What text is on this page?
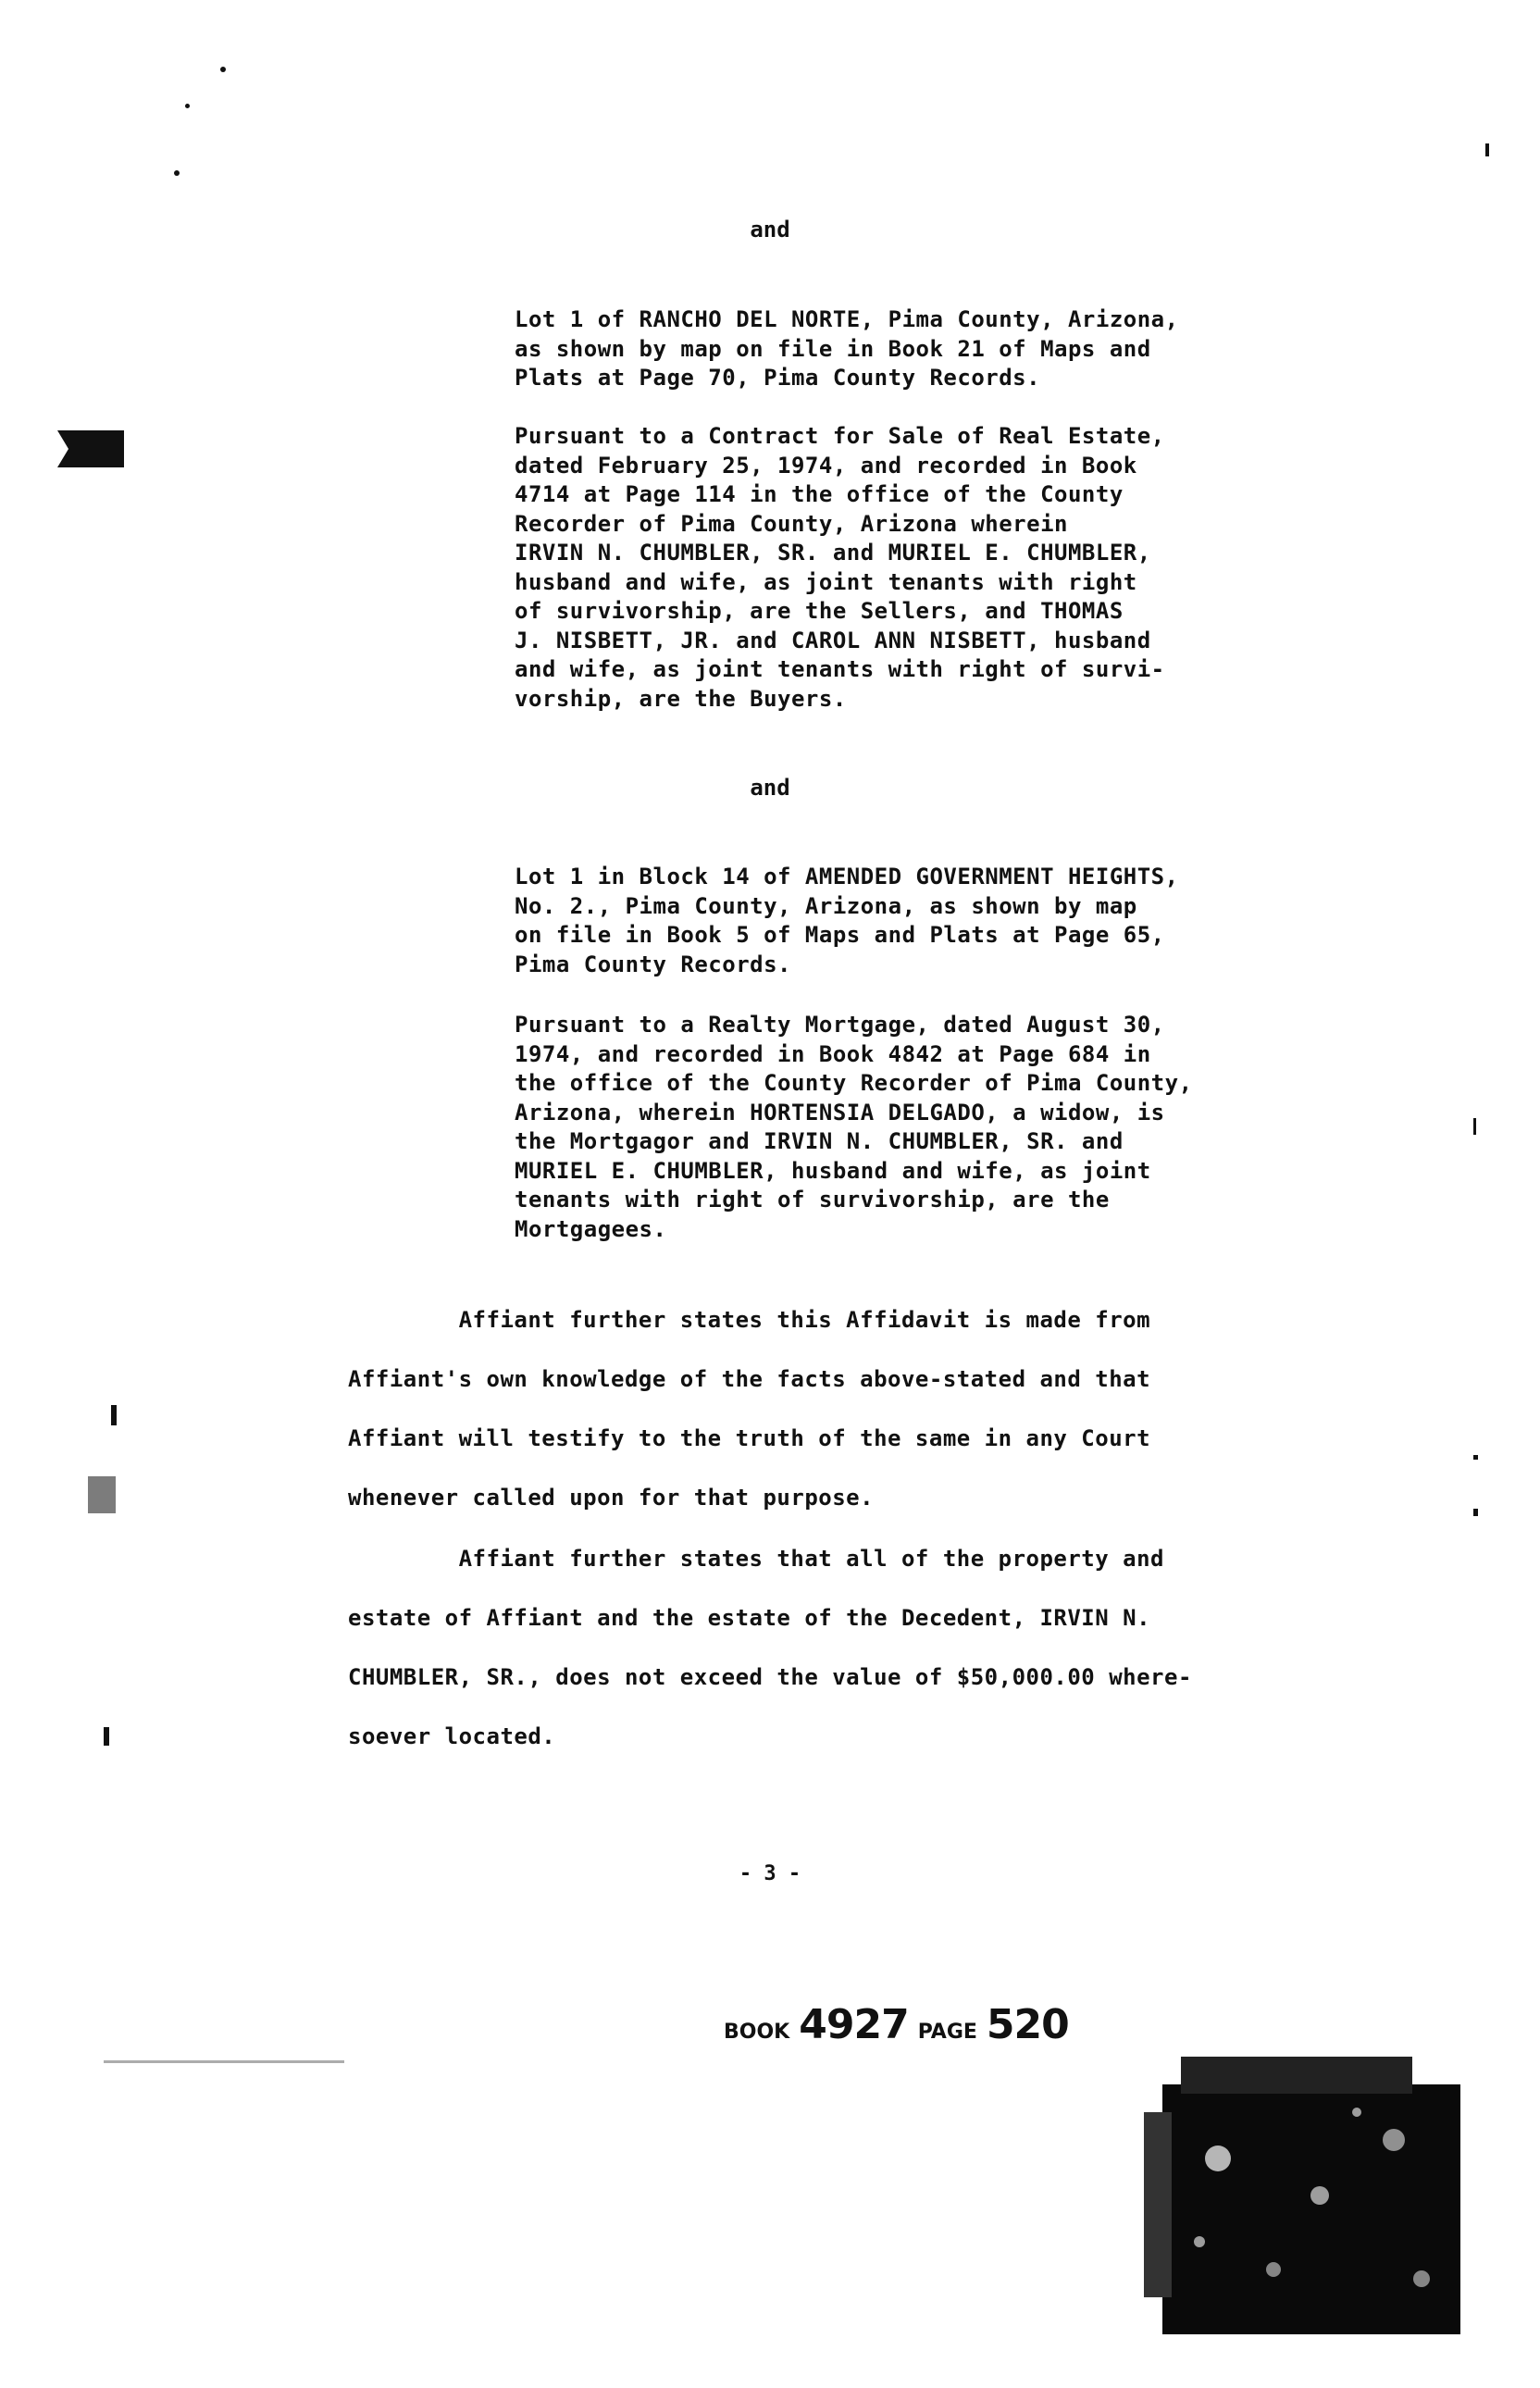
and
Lot 1 of RANCHO DEL NORTE, Pima County, Arizona,
as shown by map on file in Book 21 of Maps and
Plats at Page 70, Pima County Records.
Pursuant to a Contract for Sale of Real Estate,
dated February 25, 1974, and recorded in Book
4714 at Page 114 in the office of the County
Recorder of Pima County, Arizona wherein
IRVIN N. CHUMBLER, SR. and MURIEL E. CHUMBLER,
husband and wife, as joint tenants with right
of survivorship, are the Sellers, and THOMAS
J. NISBETT, JR. and CAROL ANN NISBETT, husband
and wife, as joint tenants with right of survi-
vorship, are the Buyers.
and
Lot 1 in Block 14 of AMENDED GOVERNMENT HEIGHTS,
No. 2., Pima County, Arizona, as shown by map
on file in Book 5 of Maps and Plats at Page 65,
Pima County Records.
Pursuant to a Realty Mortgage, dated August 30,
1974, and recorded in Book 4842 at Page 684 in
the office of the County Recorder of Pima County,
Arizona, wherein HORTENSIA DELGADO, a widow, is
the Mortgagor and IRVIN N. CHUMBLER, SR. and
MURIEL E. CHUMBLER, husband and wife, as joint
tenants with right of survivorship, are the
Mortgagees.
Affiant further states this Affidavit is made from
Affiant's own knowledge of the facts above-stated and that
Affiant will testify to the truth of the same in any Court
whenever called upon for that purpose.
Affiant further states that all of the property and
estate of Affiant and the estate of the Decedent, IRVIN N.
CHUMBLER, SR., does not exceed the value of $50,000.00 where-
soever located.
- 3 -
BOOK 4927 PAGE 520
